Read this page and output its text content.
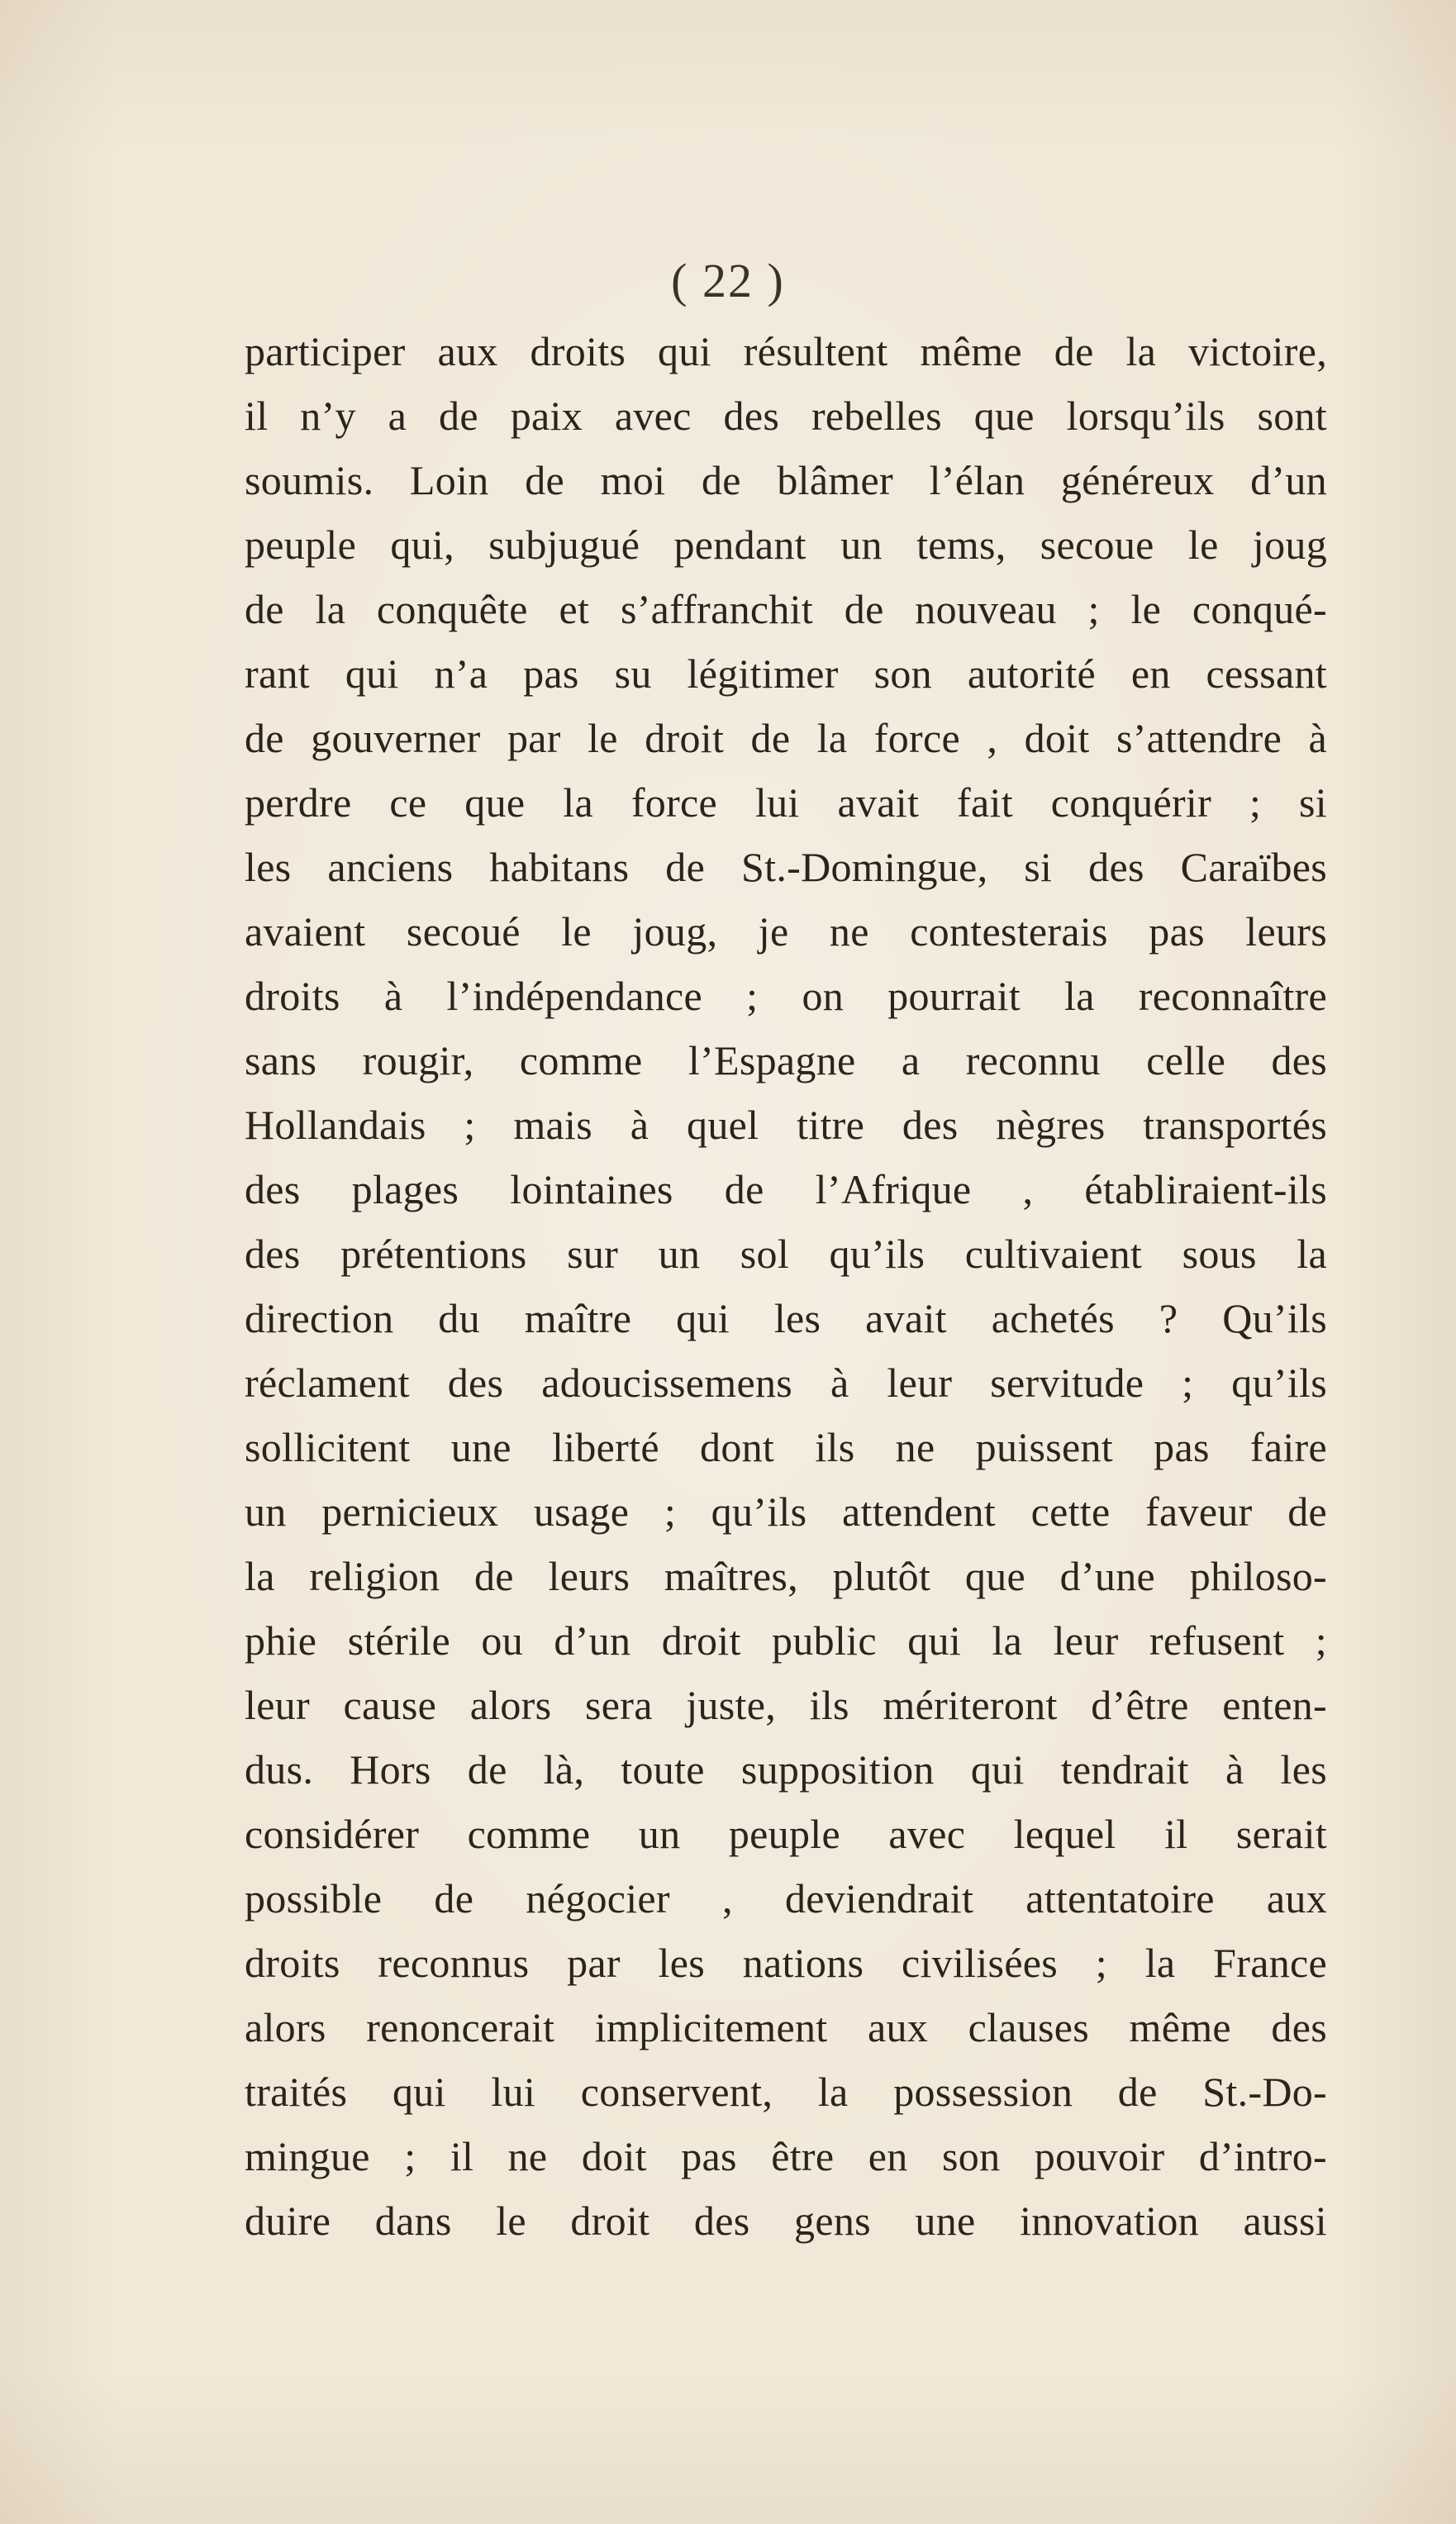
( 22 )
participer aux droits qui résultent même de la victoire,
il n’y a de paix avec des rebelles que lorsqu’ils sont
soumis. Loin de moi de blâmer l’élan généreux d’un
peuple qui, subjugué pendant un tems, secoue le joug
de la conquête et s’affranchit de nouveau ; le conqué-
rant qui n’a pas su légitimer son autorité en cessant
de gouverner par le droit de la force , doit s’attendre à
perdre ce que la force lui avait fait conquérir ; si
les anciens habitans de St.-Domingue, si des Caraïbes
avaient secoué le joug, je ne contesterais pas leurs
droits à l’indépendance ; on pourrait la reconnaître
sans rougir, comme l’Espagne a reconnu celle des
Hollandais ; mais à quel titre des nègres transportés
des plages lointaines de l’Afrique , établiraient-ils
des prétentions sur un sol qu’ils cultivaient sous la
direction du maître qui les avait achetés ? Qu’ils
réclament des adoucissemens à leur servitude ; qu’ils
sollicitent une liberté dont ils ne puissent pas faire
un pernicieux usage ; qu’ils attendent cette faveur de
la religion de leurs maîtres, plutôt que d’une philoso-
phie stérile ou d’un droit public qui la leur refusent ;
leur cause alors sera juste, ils mériteront d’être enten-
dus. Hors de là, toute supposition qui tendrait à les
considérer comme un peuple avec lequel il serait
possible de négocier , deviendrait attentatoire aux
droits reconnus par les nations civilisées ; la France
alors renoncerait implicitement aux clauses même des
traités qui lui conservent, la possession de St.-Do-
mingue ; il ne doit pas être en son pouvoir d’intro-
duire dans le droit des gens une innovation aussi
